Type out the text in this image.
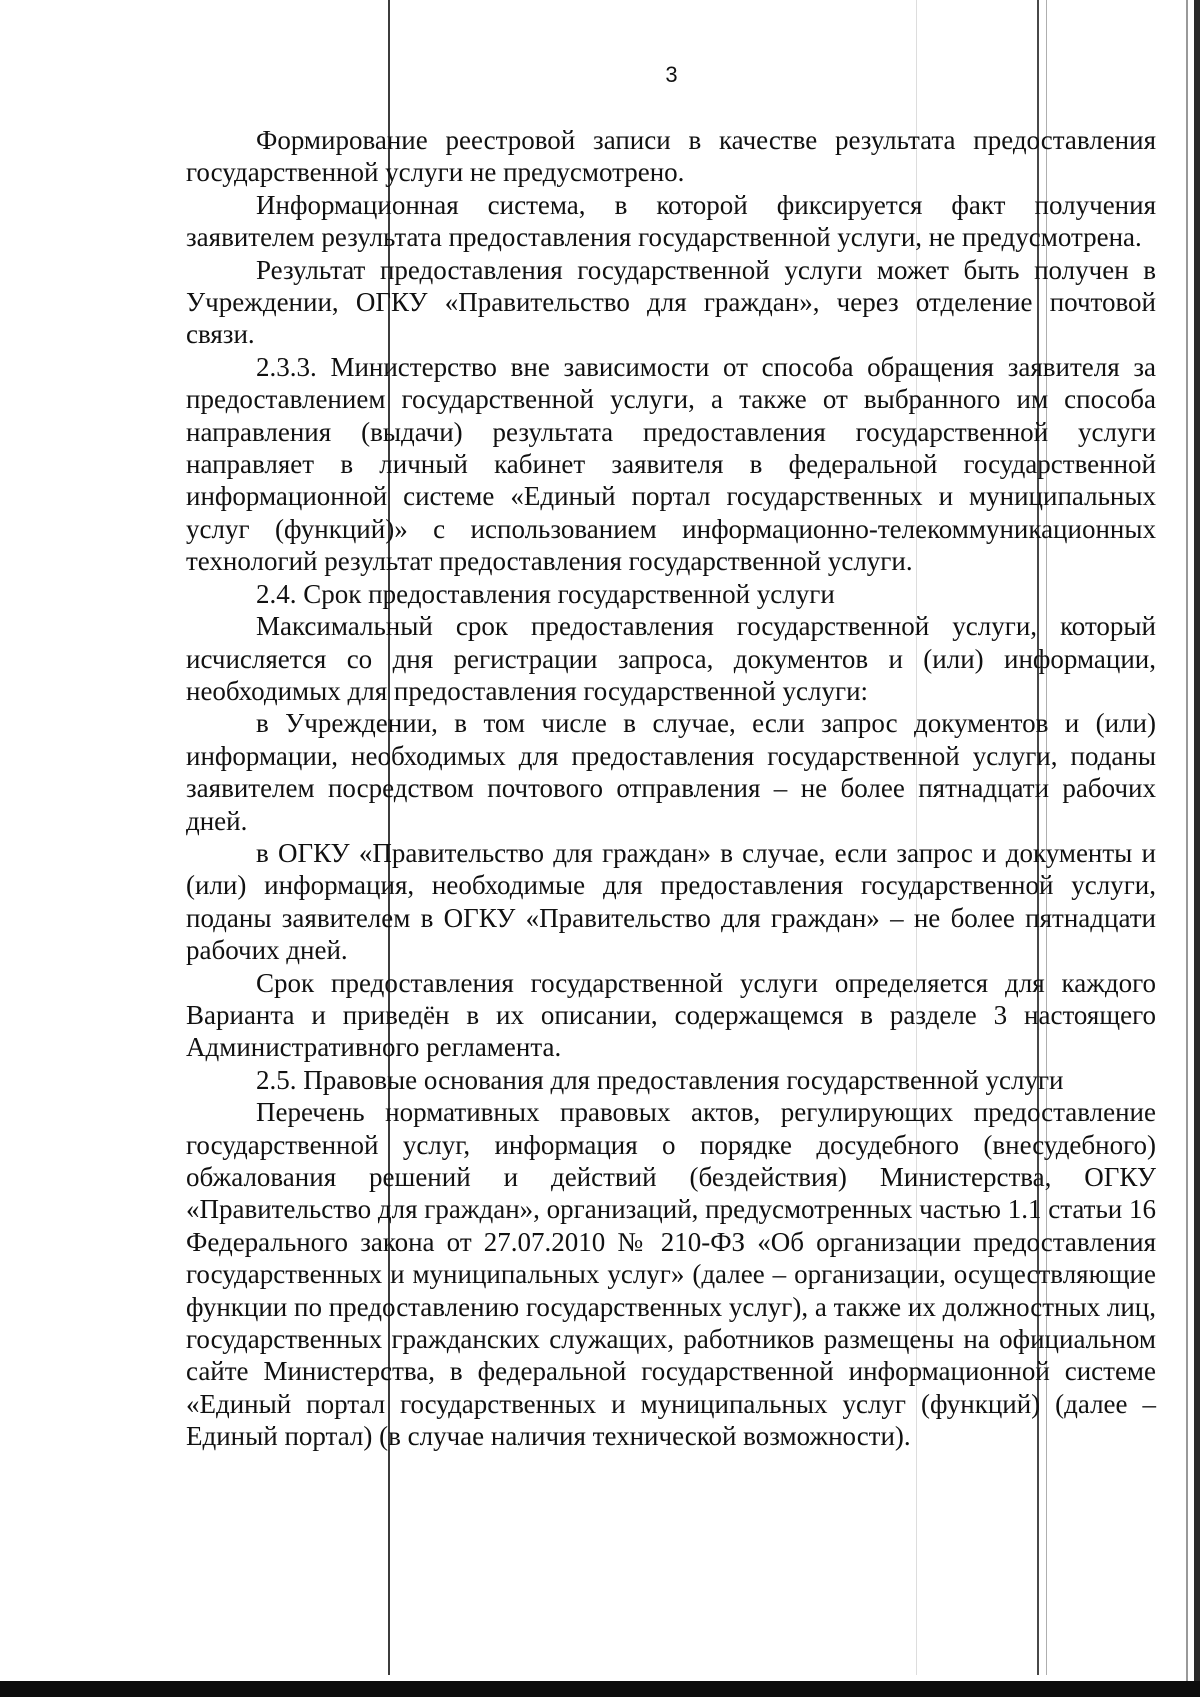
3

Формирование реестровой записи в качестве результата предоставления государственной услуги не предусмотрено.

Информационная система, в которой фиксируется факт получения заявителем результата предоставления государственной услуги, не предусмотрена.

Результат предоставления государственной услуги может быть получен в Учреждении, ОГКУ «Правительство для граждан», через отделение почтовой связи.

2.3.3. Министерство вне зависимости от способа обращения заявителя за предоставлением государственной услуги, а также от выбранного им способа направления (выдачи) результата предоставления государственной услуги направляет в личный кабинет заявителя в федеральной государственной информационной системе «Единый портал государственных и муниципальных услуг (функций)» с использованием информационно-телекоммуникационных технологий результат предоставления государственной услуги.

2.4. Срок предоставления государственной услуги

Максимальный срок предоставления государственной услуги, который исчисляется со дня регистрации запроса, документов и (или) информации, необходимых для предоставления государственной услуги:

в Учреждении, в том числе в случае, если запрос документов и (или) информации, необходимых для предоставления государственной услуги, поданы заявителем посредством почтового отправления – не более пятнадцати рабочих дней.

в ОГКУ «Правительство для граждан» в случае, если запрос и документы и (или) информация, необходимые для предоставления государственной услуги, поданы заявителем в ОГКУ «Правительство для граждан» – не более пятнадцати рабочих дней.

Срок предоставления государственной услуги определяется для каждого Варианта и приведён в их описании, содержащемся в разделе 3 настоящего Административного регламента.

2.5. Правовые основания для предоставления государственной услуги

Перечень нормативных правовых актов, регулирующих предоставление государственной услуг, информация о порядке досудебного (внесудебного) обжалования решений и действий (бездействия) Министерства, ОГКУ «Правительство для граждан», организаций, предусмотренных частью 1.1 статьи 16 Федерального закона от 27.07.2010 № 210-ФЗ «Об организации предоставления государственных и муниципальных услуг» (далее – организации, осуществляющие функции по предоставлению государственных услуг), а также их должностных лиц, государственных гражданских служащих, работников размещены на официальном сайте Министерства, в федеральной государственной информационной системе «Единый портал государственных и муниципальных услуг (функций) (далее – Единый портал) (в случае наличия технической возможности).
